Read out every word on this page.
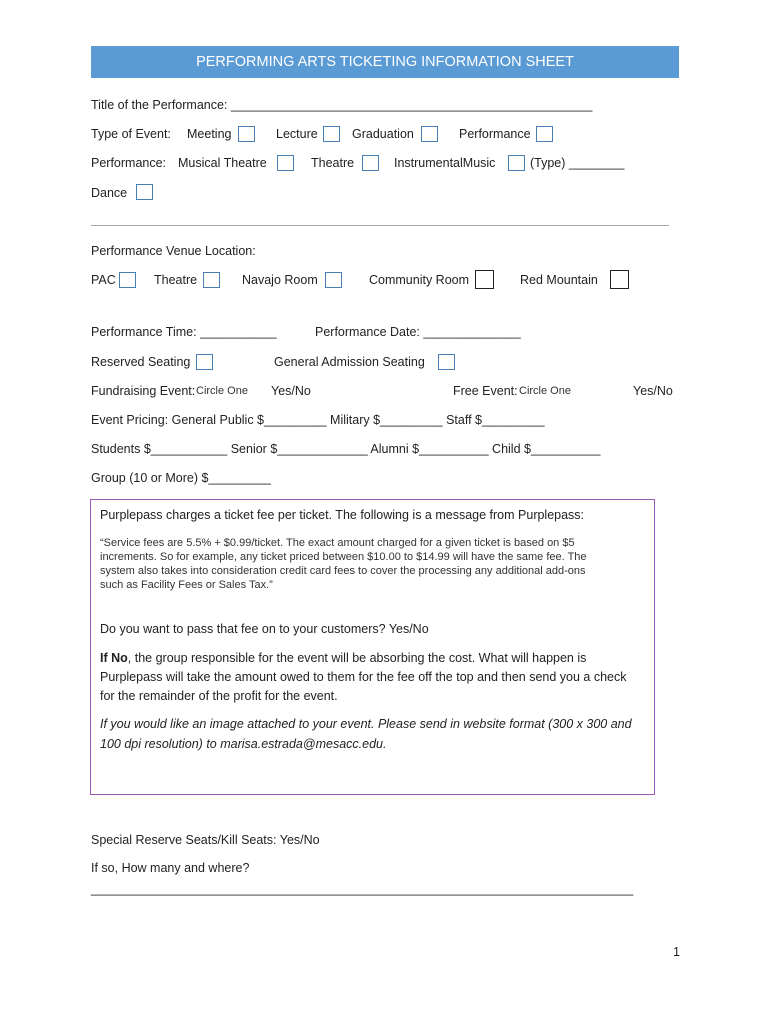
PERFORMING ARTS TICKETING INFORMATION SHEET
Title of the Performance: ____________________________________________________
Type of Event: Meeting	Lecture	Graduation	Performance
Performance: Musical Theatre	Theatre	InstrumentalMusic	(Type) ________
Dance
Performance Venue Location:
PAC	Theatre	Navajo Room	Community Room	Red Mountain
Performance Time: ___________	Performance Date: ______________
Reserved Seating	General Admission Seating
Fundraising Event: Circle One Yes/No	Free Event: Circle One	Yes/No
Event Pricing: General Public $_________ Military $_________ Staff $_________
Students $___________ Senior $_____________ Alumni $__________ Child $__________
Group (10 or More) $_________
Purplepass charges a ticket fee per ticket. The following is a message from Purplepass:
“Service fees are 5.5% + $0.99/ticket. The exact amount charged for a given ticket is based on $5
increments. So for example, any ticket priced between $10.00 to $14.99 will have the same fee. The
system also takes into consideration credit card fees to cover the processing any additional add-ons
such as Facility Fees or Sales Tax.”
Do you want to pass that fee on to your customers? Yes/No
If No, the group responsible for the event will be absorbing the cost. What will happen is
Purplepass will take the amount owed to them for the fee off the top and then send you a check
for the remainder of the profit for the event.
If you would like an image attached to your event. Please send in website format (300 x 300 and
100 dpi resolution) to marisa.estrada@mesacc.edu.
Special Reserve Seats/Kill Seats: Yes/No
If so, How many and where?
______________________________________________________________________________
1
